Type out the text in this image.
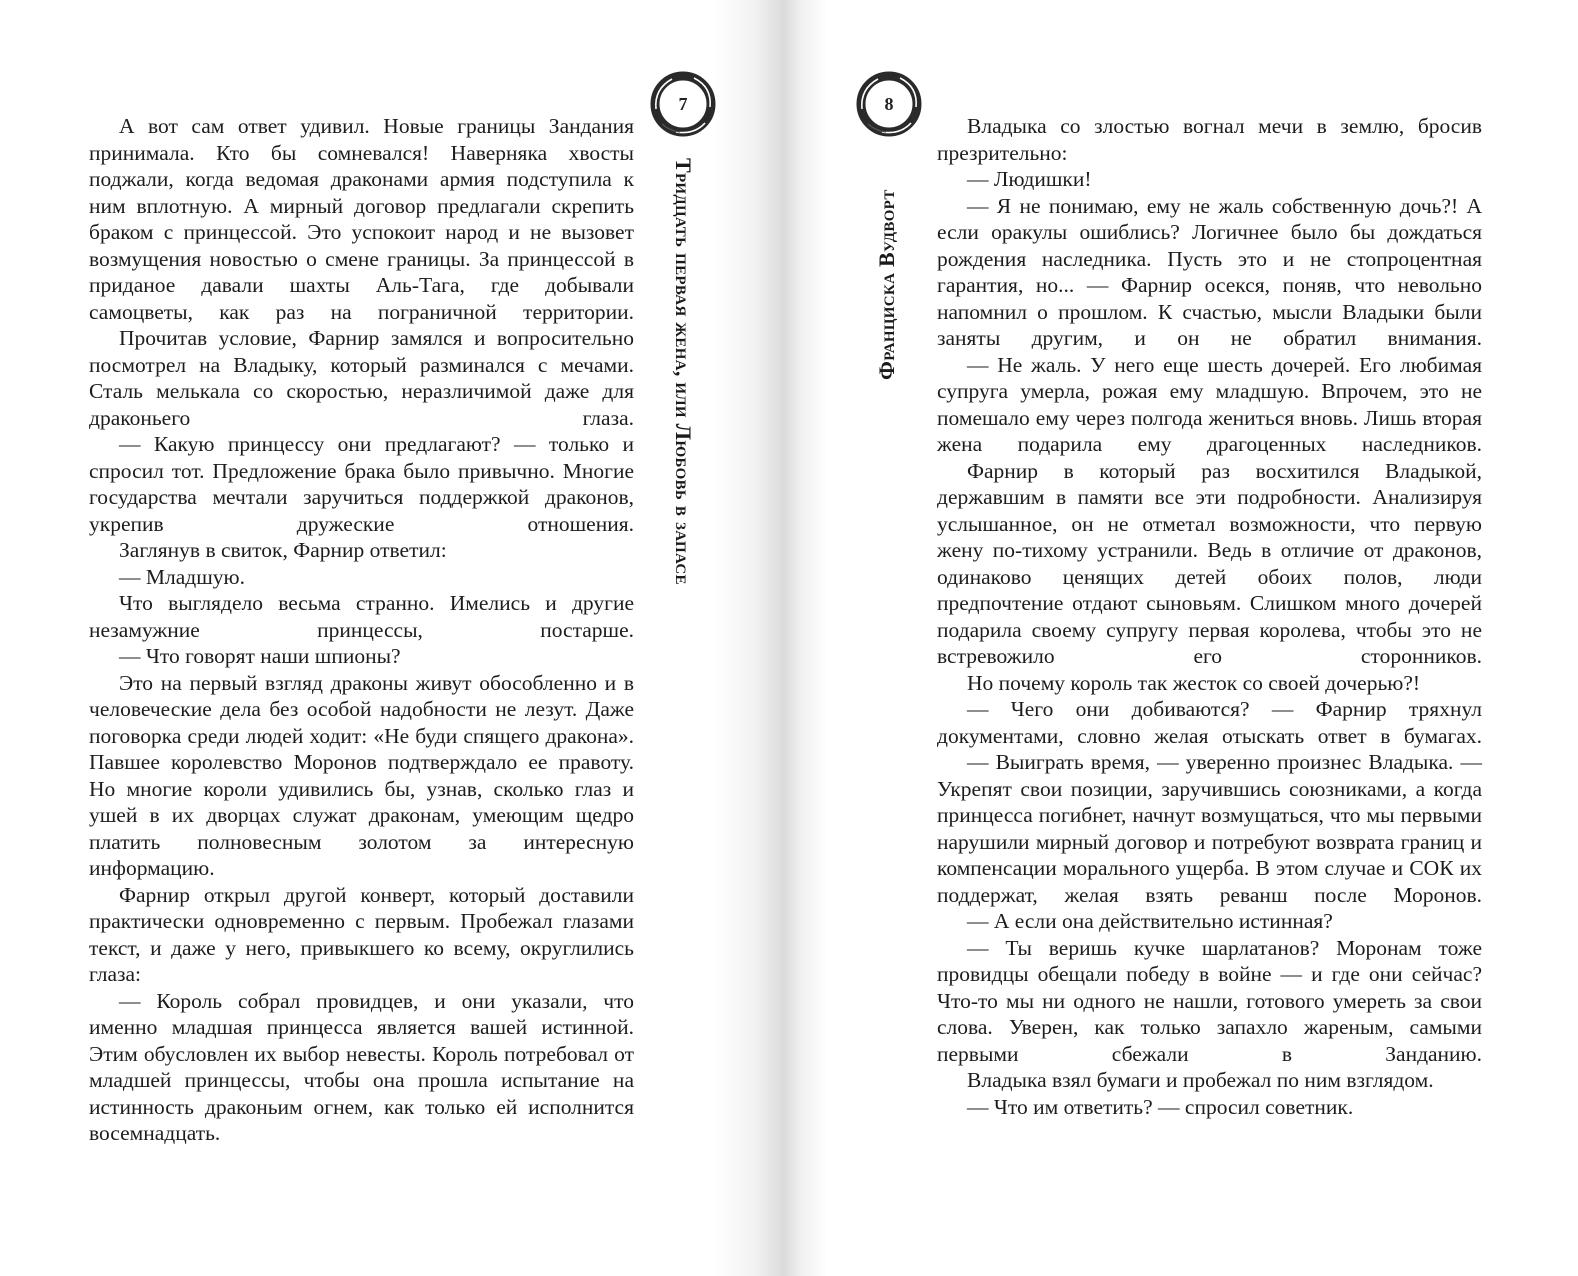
7
Тридцать первая жена, или Любовь в запасе

А вот сам ответ удивил. Новые границы Зандания принимала. Кто бы сомневался! Наверняка хвосты поджали, когда ведомая драконами армия подступила к ним вплотную. А мирный договор предлагали скрепить браком с принцессой. Это успокоит народ и не вызовет возмущения новостью о смене границы. За принцессой в приданое давали шахты Аль-Тага, где добывали самоцветы, как раз на пограничной территории.

Прочитав условие, Фарнир замялся и вопросительно посмотрел на Владыку, который разминался с мечами. Сталь мелькала со скоростью, неразличимой даже для драконьего глаза.

— Какую принцессу они предлагают? — только и спросил тот. Предложение брака было привычно. Многие государства мечтали заручиться поддержкой драконов, укрепив дружеские отношения.

Заглянув в свиток, Фарнир ответил:

— Младшую.

Что выглядело весьма странно. Имелись и другие незамужние принцессы, постарше.

— Что говорят наши шпионы?

Это на первый взгляд драконы живут обособленно и в человеческие дела без особой надобности не лезут. Даже поговорка среди людей ходит: «Не буди спящего дракона». Павшее королевство Моронов подтверждало ее правоту. Но многие короли удивились бы, узнав, сколько глаз и ушей в их дворцах служат драконам, умеющим щедро платить полновесным золотом за интересную информацию.

Фарнир открыл другой конверт, который доставили практически одновременно с первым. Пробежал глазами текст, и даже у него, привыкшего ко всему, округлились глаза:

— Король собрал провидцев, и они указали, что именно младшая принцесса является вашей истинной. Этим обусловлен их выбор невесты. Король потребовал от младшей принцессы, чтобы она прошла испытание на истинность драконьим огнем, как только ей исполнится восемнадцать.

8
Франциска Вудворт

Владыка со злостью вогнал мечи в землю, бросив презрительно:

— Людишки!

— Я не понимаю, ему не жаль собственную дочь?! А если оракулы ошиблись? Логичнее было бы дождаться рождения наследника. Пусть это и не стопроцентная гарантия, но... — Фарнир осекся, поняв, что невольно напомнил о прошлом. К счастью, мысли Владыки были заняты другим, и он не обратил внимания.

— Не жаль. У него еще шесть дочерей. Его любимая супруга умерла, рожая ему младшую. Впрочем, это не помешало ему через полгода жениться вновь. Лишь вторая жена подарила ему драгоценных наследников.

Фарнир в который раз восхитился Владыкой, державшим в памяти все эти подробности. Анализируя услышанное, он не отметал возможности, что первую жену по-тихому устранили. Ведь в отличие от драконов, одинаково ценящих детей обоих полов, люди предпочтение отдают сыновьям. Слишком много дочерей подарила своему супругу первая королева, чтобы это не встревожило его сторонников.

Но почему король так жесток со своей дочерью?!

— Чего они добиваются? — Фарнир тряхнул документами, словно желая отыскать ответ в бумагах.

— Выиграть время, — уверенно произнес Владыка. — Укрепят свои позиции, заручившись союзниками, а когда принцесса погибнет, начнут возмущаться, что мы первыми нарушили мирный договор и потребуют возврата границ и компенсации морального ущерба. В этом случае и СОК их поддержат, желая взять реванш после Моронов.

— А если она действительно истинная?

— Ты веришь кучке шарлатанов? Моронам тоже провидцы обещали победу в войне — и где они сейчас? Что-то мы ни одного не нашли, готового умереть за свои слова. Уверен, как только запахло жареным, самыми первыми сбежали в Занданию.

Владыка взял бумаги и пробежал по ним взглядом.

— Что им ответить? — спросил советник.
